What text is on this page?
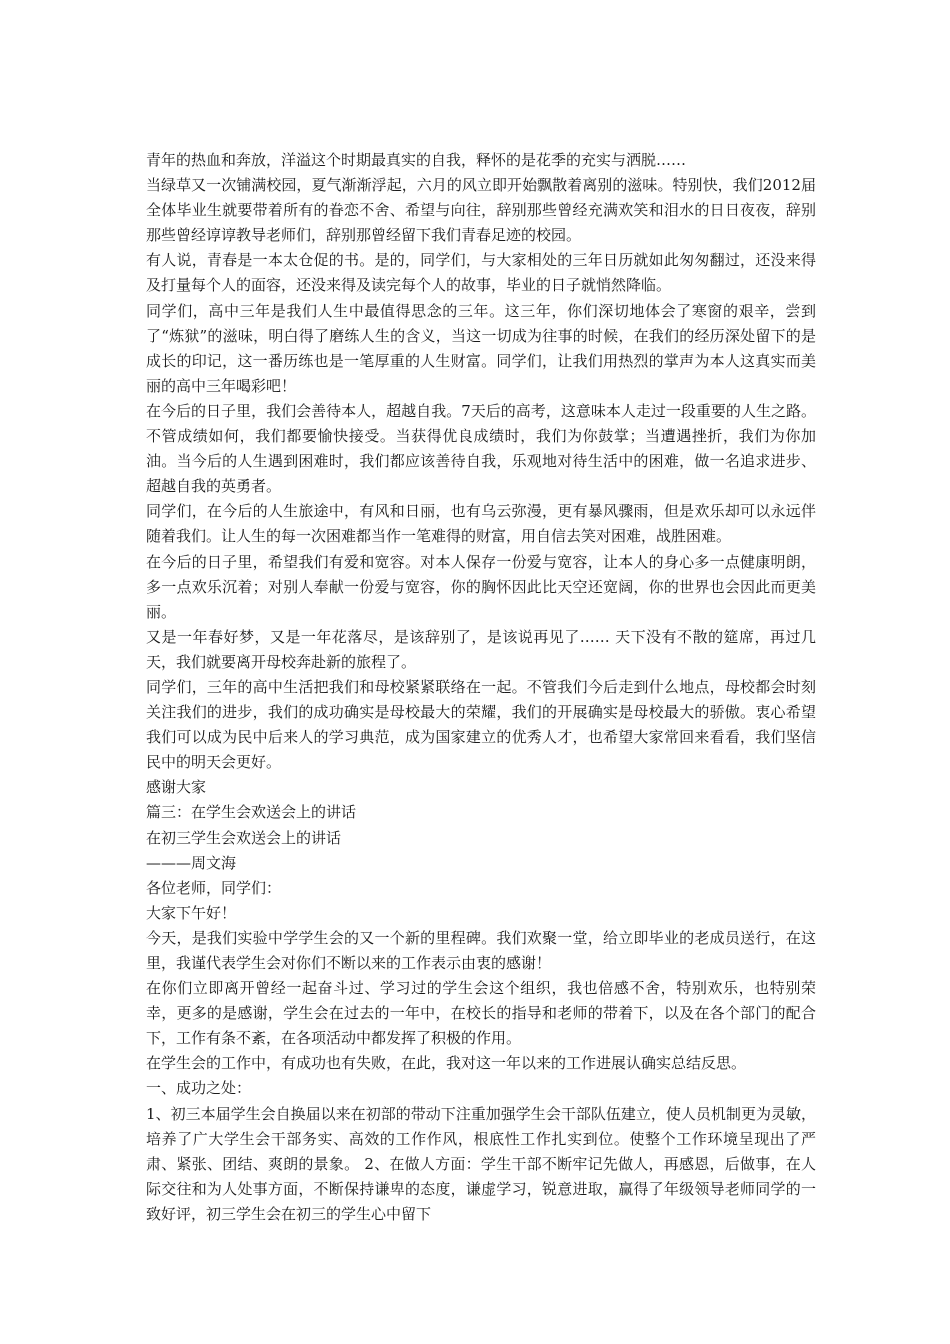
青年的热血和奔放，洋溢这个时期最真实的自我，释怀的是花季的充实与洒脱……

当绿草又一次铺满校园，夏气渐渐浮起，六月的风立即开始飘散着离别的滋味。特别快，我们2012届全体毕业生就要带着所有的眷恋不舍、希望与向往，辞别那些曾经充满欢笑和泪水的日日夜夜，辞别那些曾经谆谆教导老师们，辞别那曾经留下我们青春足迹的校园。

有人说，青春是一本太仓促的书。是的，同学们，与大家相处的三年日历就如此匆匆翻过，还没来得及打量每个人的面容，还没来得及读完每个人的故事，毕业的日子就悄然降临。

同学们，高中三年是我们人生中最值得思念的三年。这三年，你们深切地体会了寒窗的艰辛，尝到了“炼狱”的滋味，明白得了磨练人生的含义，当这一切成为往事的时候，在我们的经历深处留下的是成长的印记，这一番历练也是一笔厚重的人生财富。同学们，让我们用热烈的掌声为本人这真实而美丽的高中三年喝彩吧！

在今后的日子里，我们会善待本人，超越自我。7天后的高考，这意味本人走过一段重要的人生之路。不管成绩如何，我们都要愉快接受。当获得优良成绩时，我们为你鼓掌；当遭遇挫折，我们为你加油。当今后的人生遇到困难时，我们都应该善待自我，乐观地对待生活中的困难，做一名追求进步、超越自我的英勇者。

同学们，在今后的人生旅途中，有风和日丽，也有乌云弥漫，更有暴风骤雨，但是欢乐却可以永远伴随着我们。让人生的每一次困难都当作一笔难得的财富，用自信去笑对困难，战胜困难。

在今后的日子里，希望我们有爱和宽容。对本人保存一份爱与宽容，让本人的身心多一点健康明朗，多一点欢乐沉着；对别人奉献一份爱与宽容，你的胸怀因此比天空还宽阔，你的世界也会因此而更美丽。

又是一年春好梦，又是一年花落尽，是该辞别了，是该说再见了…… 天下没有不散的筵席，再过几天，我们就要离开母校奔赴新的旅程了。

同学们，三年的高中生活把我们和母校紧紧联络在一起。不管我们今后走到什么地点，母校都会时刻关注我们的进步，我们的成功确实是母校最大的荣耀，我们的开展确实是母校最大的骄傲。衷心希望我们可以成为民中后来人的学习典范，成为国家建立的优秀人才，也希望大家常回来看看，我们坚信民中的明天会更好。

感谢大家

篇三：在学生会欢送会上的讲话

在初三学生会欢送会上的讲话

———周文海

各位老师，同学们：

大家下午好！

今天，是我们实验中学学生会的又一个新的里程碑。我们欢聚一堂，给立即毕业的老成员送行，在这里，我谨代表学生会对你们不断以来的工作表示由衷的感谢！

在你们立即离开曾经一起奋斗过、学习过的学生会这个组织，我也倍感不舍，特别欢乐，也特别荣幸，更多的是感谢，学生会在过去的一年中，在校长的指导和老师的带着下，以及在各个部门的配合下，工作有条不紊，在各项活动中都发挥了积极的作用。

在学生会的工作中，有成功也有失败，在此，我对这一年以来的工作进展认确实总结反思。

一、成功之处：

1、初三本届学生会自换届以来在初部的带动下注重加强学生会干部队伍建立，使人员机制更为灵敏，培养了广大学生会干部务实、高效的工作作风，根底性工作扎实到位。使整个工作环境呈现出了严肃、紧张、团结、爽朗的景象。 2、在做人方面：学生干部不断牢记先做人，再感恩，后做事，在人际交往和为人处事方面，不断保持谦卑的态度，谦虚学习，锐意进取，赢得了年级领导老师同学的一致好评，初三学生会在初三的学生心中留下
